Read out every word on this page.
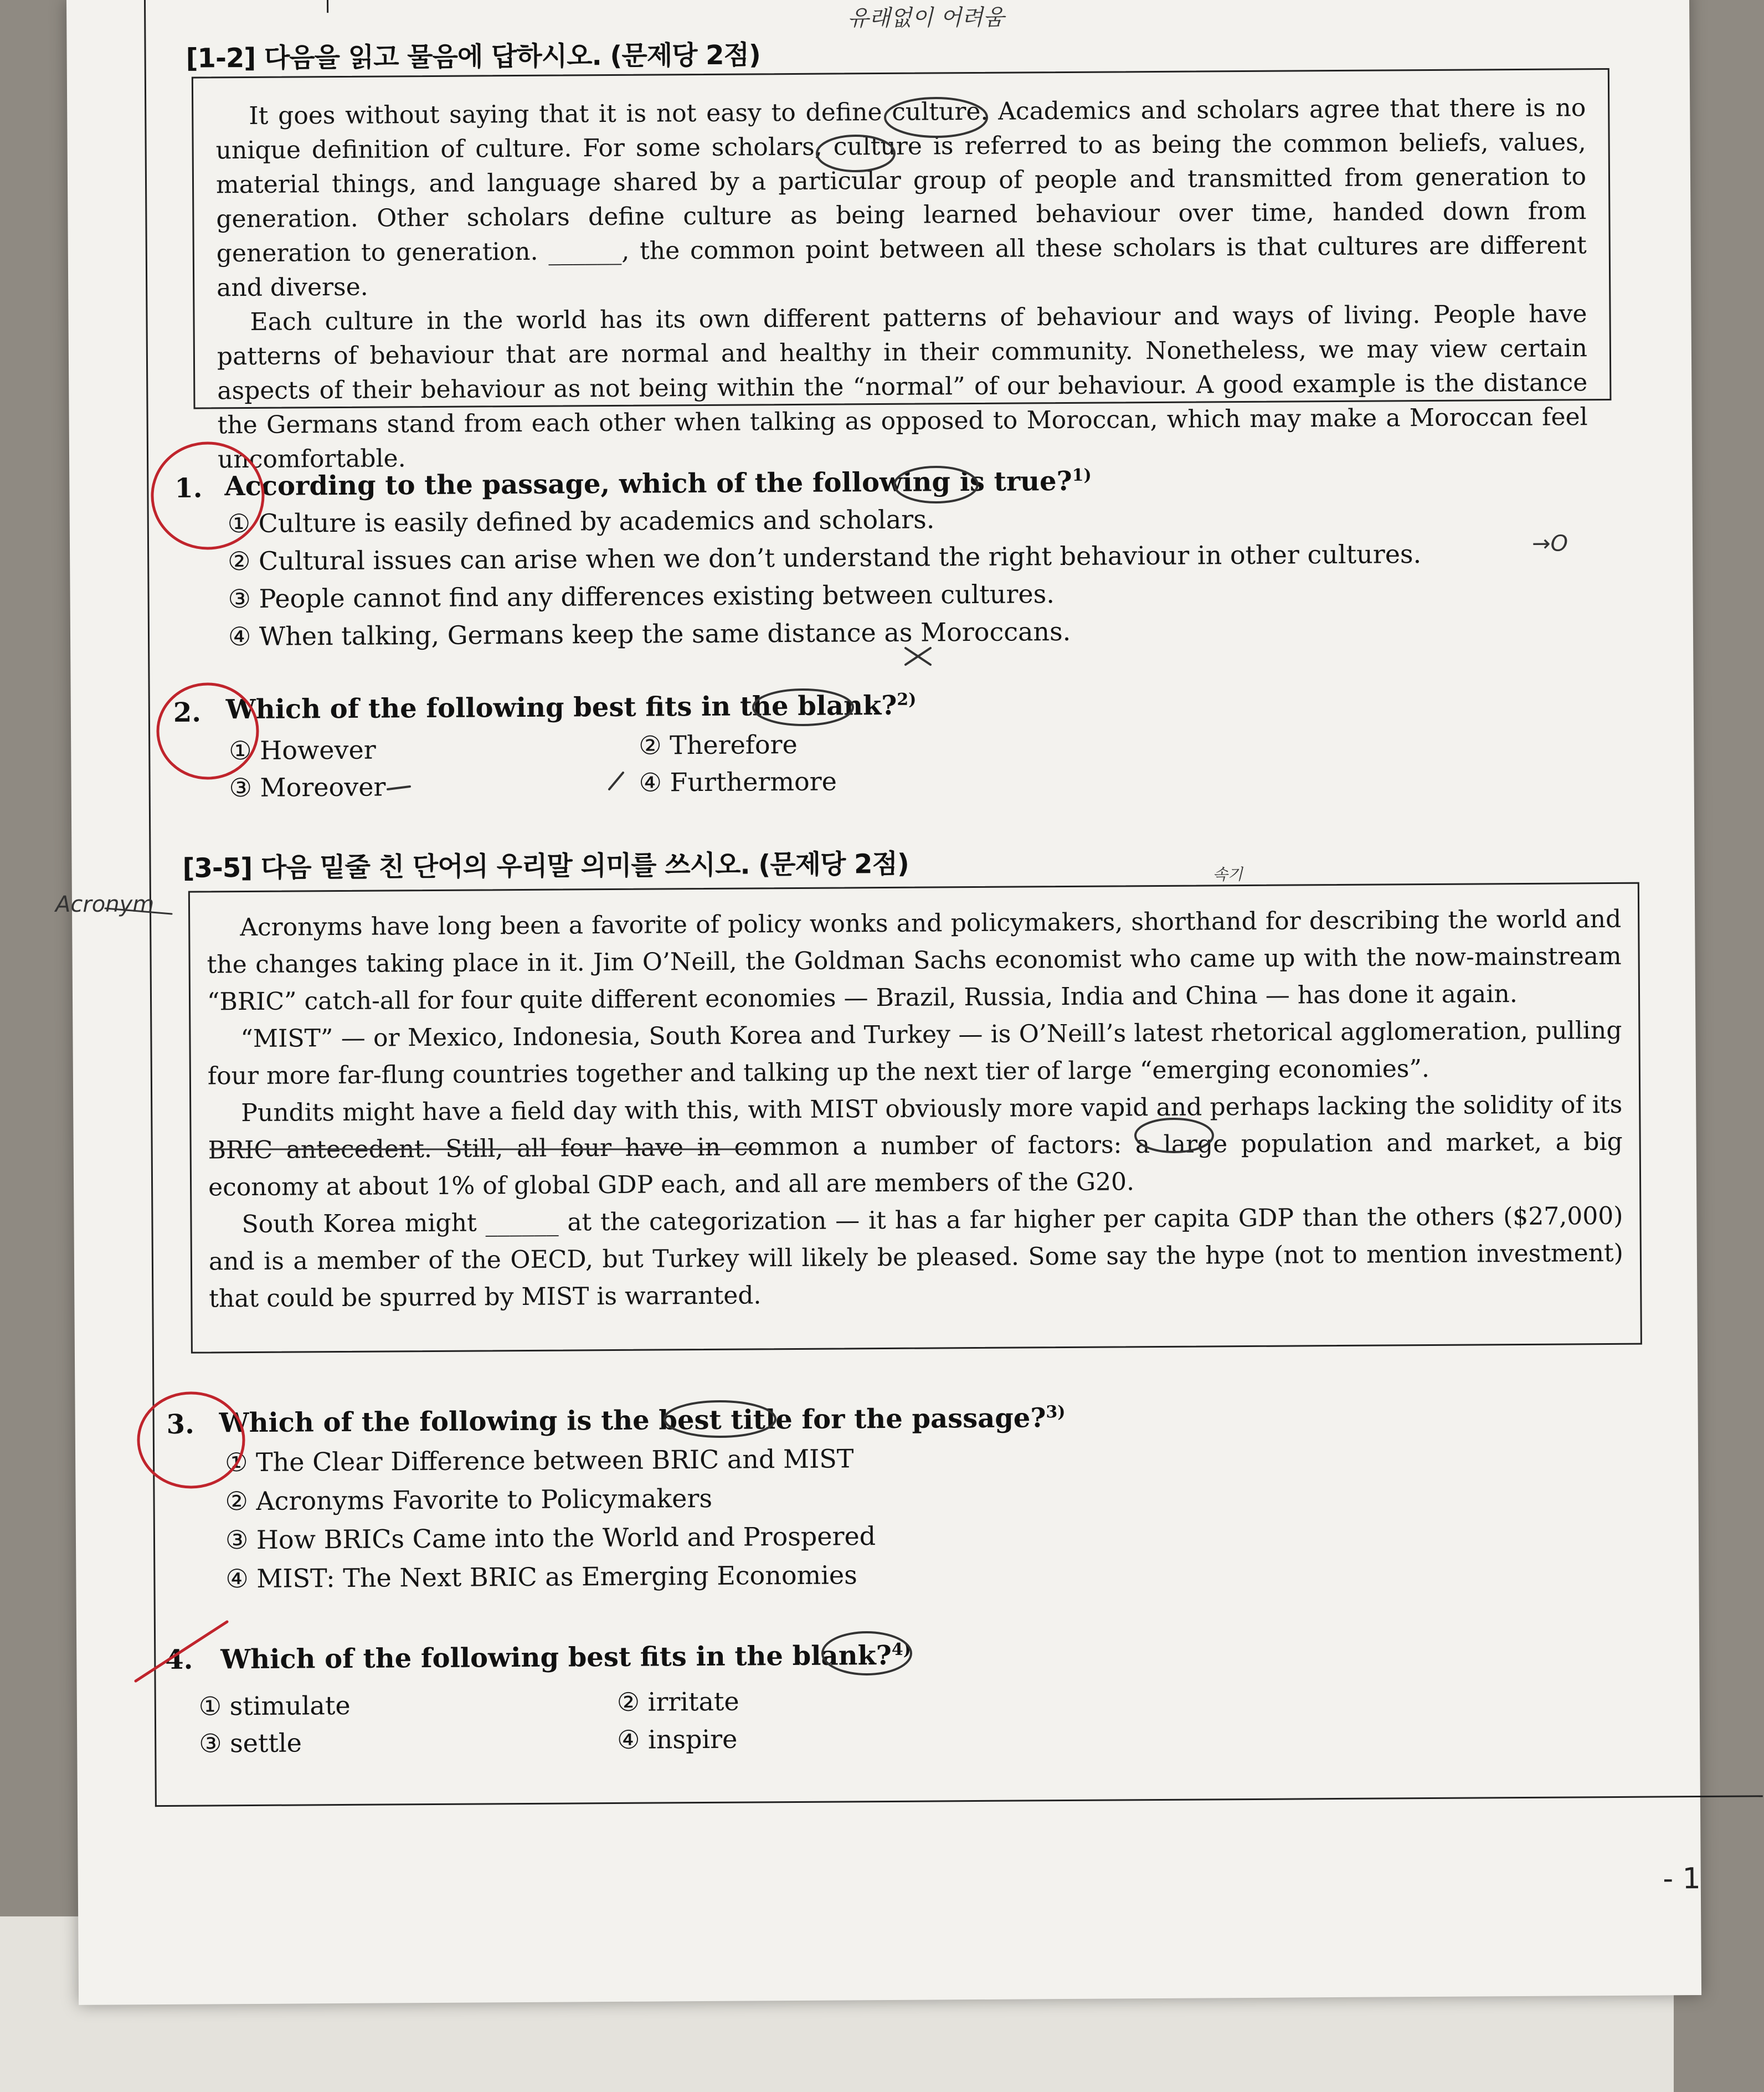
[1-2] 다음을 읽고 물음에 답하시오. (문제당 2점)

It goes without saying that it is not easy to define culture. Academics and scholars agree that there is no unique definition of culture. For some scholars, culture is referred to as being the common beliefs, values, material things, and language shared by a particular group of people and transmitted from generation to generation. Other scholars define culture as being learned behaviour over time, handed down from generation to generation. ______, the common point between all these scholars is that cultures are different and diverse.

Each culture in the world has its own different patterns of behaviour and ways of living. People have patterns of behaviour that are normal and healthy in their community. Nonetheless, we may view certain aspects of their behaviour as not being within the “normal” of our behaviour. A good example is the distance the Germans stand from each other when talking as opposed to Moroccan, which may make a Moroccan feel uncomfortable.

1. According to the passage, which of the following is true?$^{1)}$
① Culture is easily defined by academics and scholars.
② Cultural issues can arise when we don’t understand the right behaviour in other cultures.
③ People cannot find any differences existing between cultures.
④ When talking, Germans keep the same distance as Moroccans.
2. Which of the following best fits in the blank?$^{2)}$
① However	② Therefore
③ Moreover	④ Furthermore
[3-5] 다음 밑줄 친 단어의 우리말 의미를 쓰시오. (문제당 2점)

Acronyms have long been a favorite of policy wonks and policymakers, shorthand for describing the world and the changes taking place in it. Jim O’Neill, the Goldman Sachs economist who came up with the now-mainstream “BRIC” catch-all for four quite different economies — Brazil, Russia, India and China — has done it again.

“MIST” — or Mexico, Indonesia, South Korea and Turkey — is O’Neill’s latest rhetorical agglomeration, pulling four more far-flung countries together and talking up the next tier of large “emerging economies”.

Pundits might have a field day with this, with MIST obviously more vapid and perhaps lacking the solidity of its BRIC antecedent. Still, all four have in common a number of factors: a large population and market, a big economy at about 1% of global GDP each, and all are members of the G20.

South Korea might ______ at the categorization — it has a far higher per capita GDP than the others ($27,000) and is a member of the OECD, but Turkey will likely be pleased. Some say the hype (not to mention investment) that could be spurred by MIST is warranted.

3. Which of the following is the best title for the passage?$^{3)}$
① The Clear Difference between BRIC and MIST
② Acronyms Favorite to Policymakers
③ How BRICs Came into the World and Prospered
④ MIST: The Next BRIC as Emerging Economies
4. Which of the following best fits in the blank?$^{4)}$
① stimulate	② irritate
③ settle	④ inspire
유래없이 어려움
속기
→O
- 1
Acronym
